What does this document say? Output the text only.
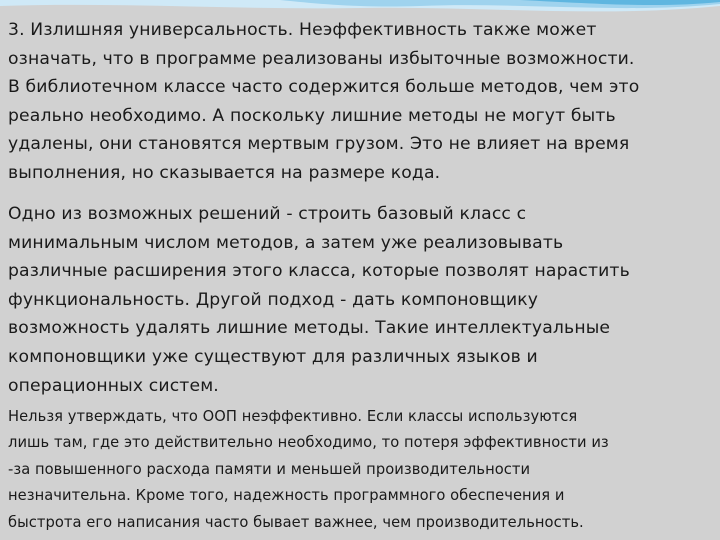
3. Излишняя универсальность. Неэффективность также может
означать, что в программе реализованы избыточные возможности.
В библиотечном классе часто содержится больше методов, чем это
реально необходимо. А поскольку лишние методы не могут быть
удалены, они становятся мертвым грузом. Это не влияет на время
выполнения, но сказывается на размере кода.

Одно из возможных решений - строить базовый класс с
минимальным числом методов, а затем уже реализовывать
различные расширения этого класса, которые позволят нарастить
функциональность. Другой подход - дать компоновщику
возможность удалять лишние методы. Такие интеллектуальные
компоновщики уже существуют для различных языков и
операционных систем.

Нельзя утверждать, что ООП неэффективно. Если классы используются
лишь там, где это действительно необходимо, то потеря эффективности из
-за повышенного расхода памяти и меньшей производительности
незначительна. Кроме того, надежность программного обеспечения и
быстрота его написания часто бывает важнее, чем производительность.
